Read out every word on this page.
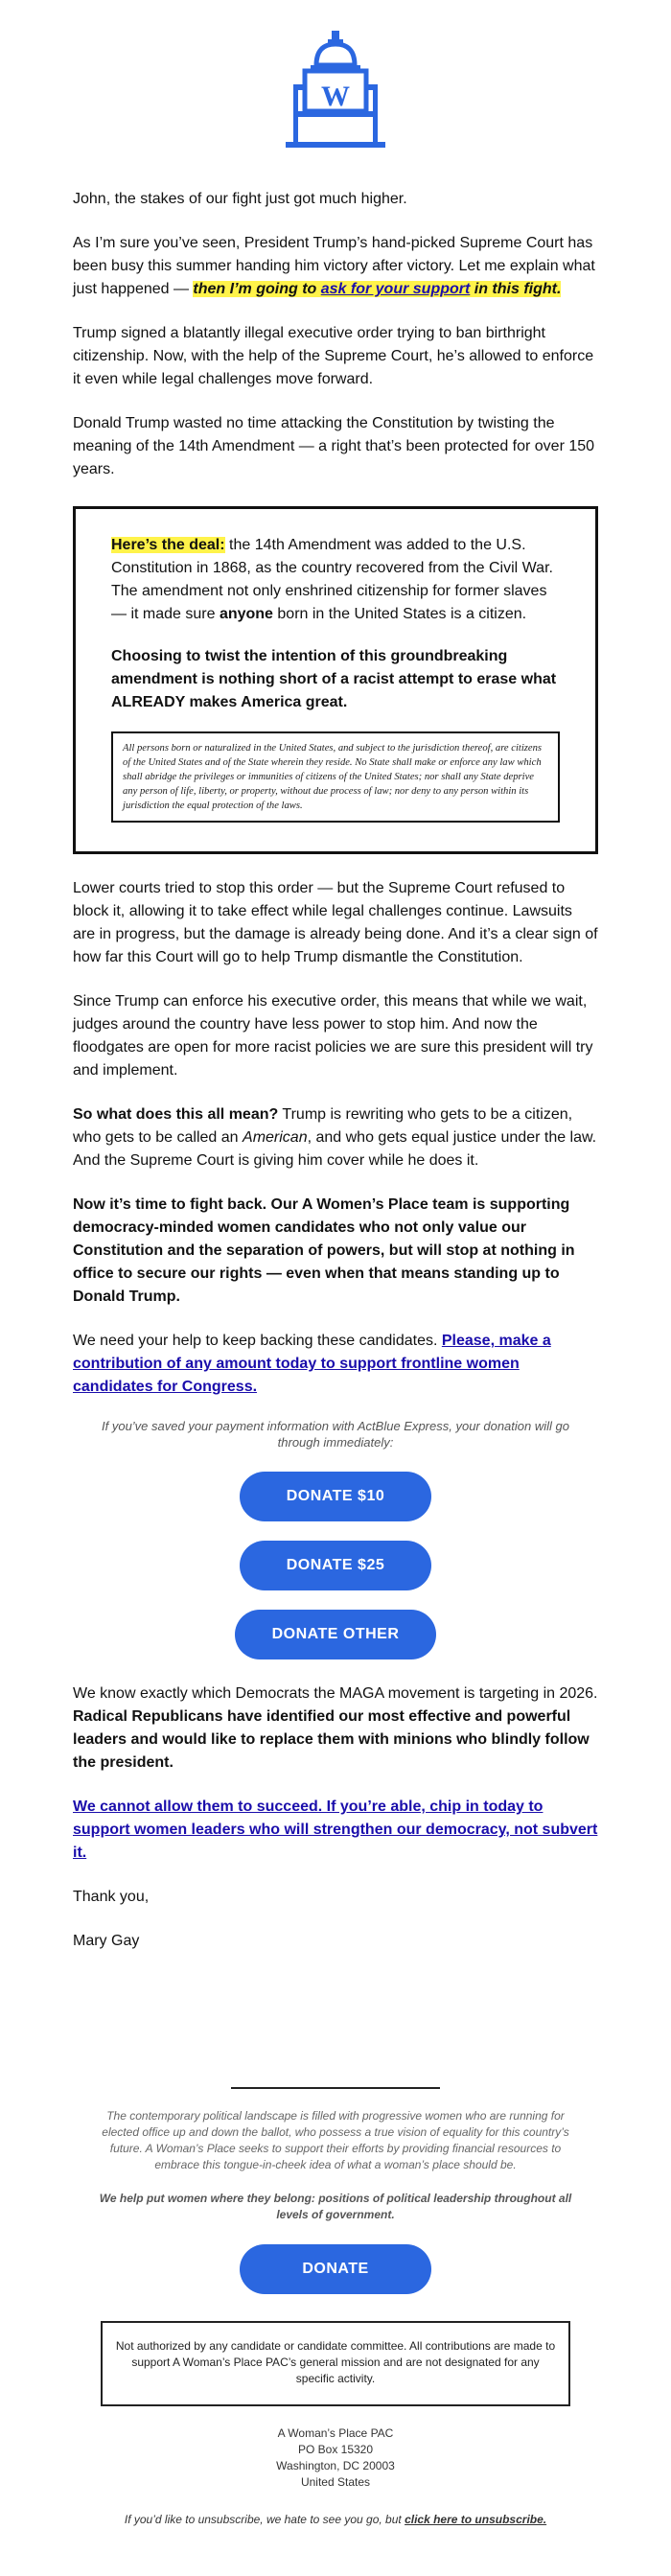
W

John, the stakes of our fight just got much higher.

As I’m sure you’ve seen, President Trump’s hand-picked Supreme Court has been busy this summer handing him victory after victory. Let me explain what just happened — then I’m going to ask for your support in this fight.

Trump signed a blatantly illegal executive order trying to ban birthright citizenship. Now, with the help of the Supreme Court, he’s allowed to enforce it even while legal challenges move forward.

Donald Trump wasted no time attacking the Constitution by twisting the meaning of the 14th Amendment — a right that’s been protected for over 150 years.

Here’s the deal: the 14th Amendment was added to the U.S. Constitution in 1868, as the country recovered from the Civil War. The amendment not only enshrined citizenship for former slaves — it made sure anyone born in the United States is a citizen.

Choosing to twist the intention of this groundbreaking amendment is nothing short of a racist attempt to erase what ALREADY makes America great.

All persons born or naturalized in the United States, and subject to the jurisdiction thereof, are citizens of the United States and of the State wherein they reside. No State shall make or enforce any law which shall abridge the privileges or immunities of citizens of the United States; nor shall any State deprive any person of life, liberty, or property, without due process of law; nor deny to any person within its jurisdiction the equal protection of the laws.

Lower courts tried to stop this order — but the Supreme Court refused to block it, allowing it to take effect while legal challenges continue. Lawsuits are in progress, but the damage is already being done. And it’s a clear sign of how far this Court will go to help Trump dismantle the Constitution.

Since Trump can enforce his executive order, this means that while we wait, judges around the country have less power to stop him. And now the floodgates are open for more racist policies we are sure this president will try and implement.

So what does this all mean? Trump is rewriting who gets to be a citizen, who gets to be called an American, and who gets equal justice under the law. And the Supreme Court is giving him cover while he does it.

Now it’s time to fight back. Our A Women’s Place team is supporting democracy-minded women candidates who not only value our Constitution and the separation of powers, but will stop at nothing in office to secure our rights — even when that means standing up to Donald Trump.

We need your help to keep backing these candidates. Please, make a contribution of any amount today to support frontline women candidates for Congress.

If you’ve saved your payment information with ActBlue Express, your donation will go through immediately:
DONATE $10
DONATE $25
DONATE OTHER

We know exactly which Democrats the MAGA movement is targeting in 2026. Radical Republicans have identified our most effective and powerful leaders and would like to replace them with minions who blindly follow the president.

We cannot allow them to succeed. If you’re able, chip in today to support women leaders who will strengthen our democracy, not subvert it.

Thank you,

Mary Gay

The contemporary political landscape is filled with progressive women who are running for elected office up and down the ballot, who possess a true vision of equality for this country’s future. A Woman’s Place seeks to support their efforts by providing financial resources to embrace this tongue-in-cheek idea of what a woman’s place should be.
We help put women where they belong: positions of political leadership throughout all levels of government.
DONATE
Not authorized by any candidate or candidate committee. All contributions are made to support A Woman’s Place PAC’s general mission and are not designated for any specific activity.
A Woman’s Place PAC
PO Box 15320
Washington, DC 20003
United States
If you’d like to unsubscribe, we hate to see you go, but click here to unsubscribe.
